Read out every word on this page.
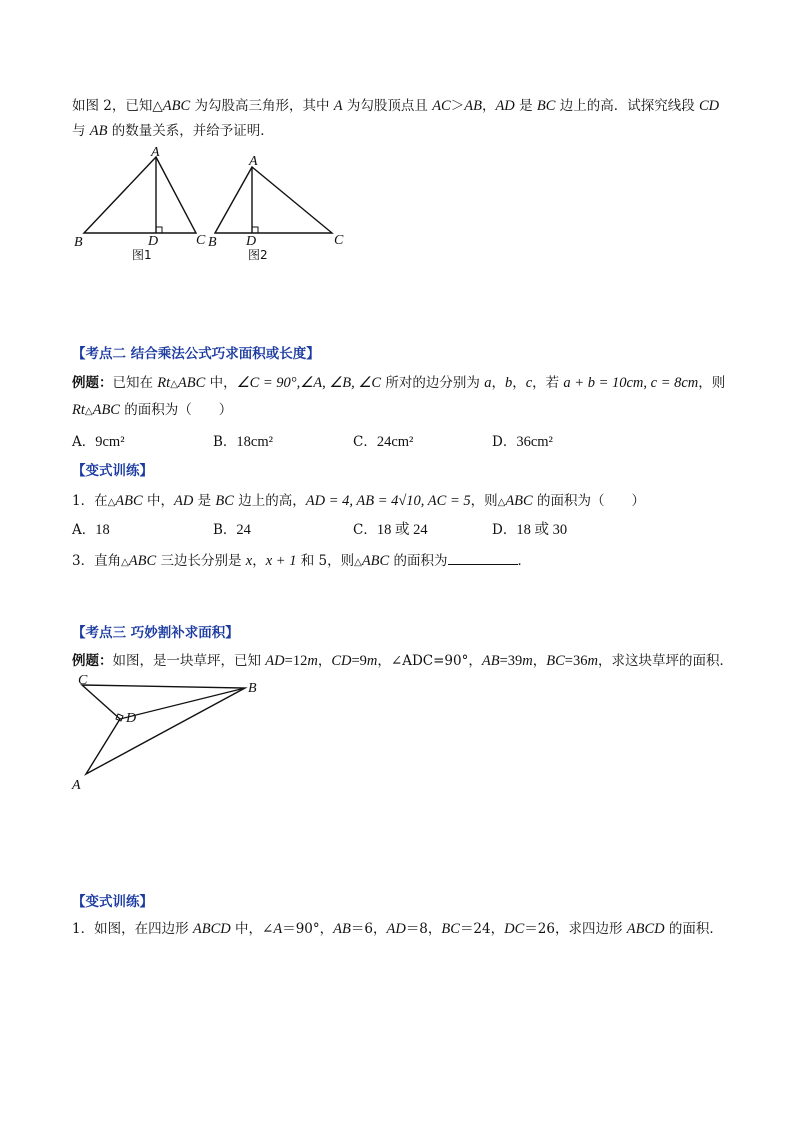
如图 2，已知△ABC 为勾股高三角形，其中 A 为勾股顶点且 AC＞AB，AD 是 BC 边上的高．试探究线段 CD
与 AB 的数量关系，并给予证明．
A
B	C
D
图1
A
B	C
D
图2
【考点二 结合乘法公式巧求面积或长度】
例题：已知在 Rt△ABC 中，∠C = 90°,∠A, ∠B, ∠C 所对的边分别为 a，b，c，若 a + b = 10cm, c = 8cm，则
Rt△ABC 的面积为（　　）
A．9cm²	B．18cm²	C．24cm²	D．36cm²
【变式训练】
1．在△ABC 中，AD 是 BC 边上的高，AD = 4, AB = 4√10, AC = 5，则△ABC 的面积为（　　）
A．18	B．24	C．18 或 24	D．18 或 30
3．直角△ABC 三边长分别是 x，x + 1 和 5，则△ABC 的面积为	．
【考点三 巧妙割补求面积】
例题：如图，是一块草坪，已知 AD=12m，CD=9m，∠ADC=90°，AB=39m，BC=36m，求这块草坪的面积．
C
B
D
A
【变式训练】
1．如图，在四边形 ABCD 中，∠A＝90°，AB＝6，AD＝8，BC＝24，DC＝26，求四边形 ABCD 的面积．
